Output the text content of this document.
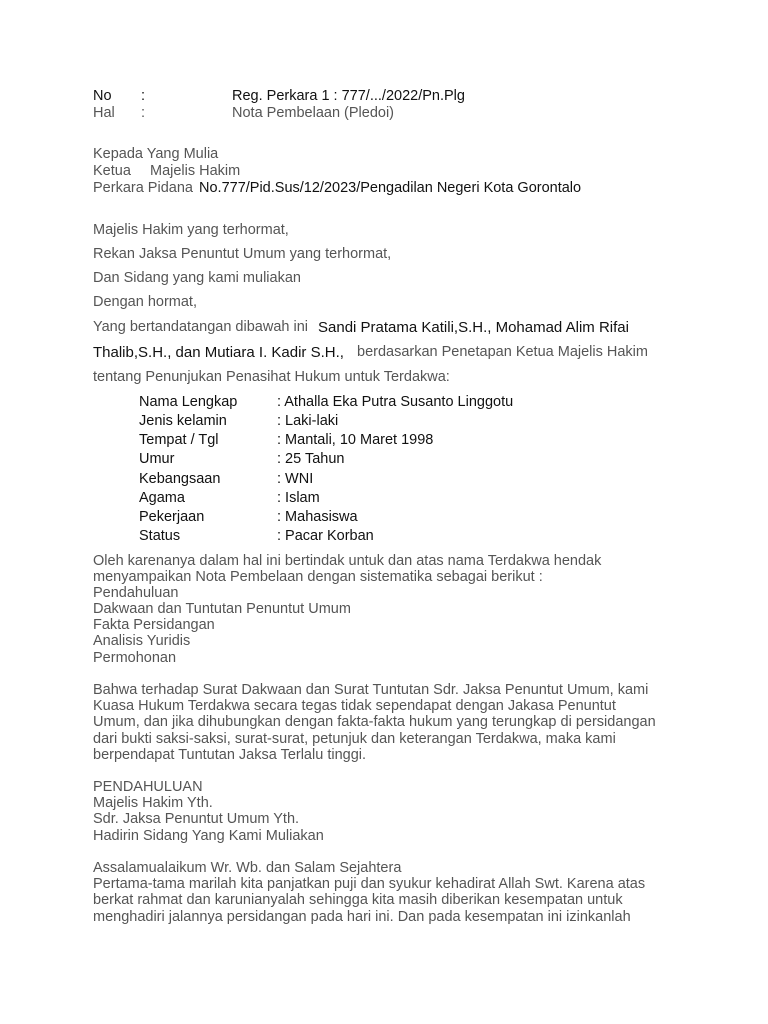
No :	Reg. Perkara 1 : 777/.../2022/Pn.Plg
Hal :	Nota Pembelaan (Pledoi)
Kepada Yang Mulia
Ketua Majelis Hakim
Perkara Pidana No.777/Pid.Sus/12/2023/Pengadilan Negeri Kota Gorontalo
Majelis Hakim yang terhormat,
Rekan Jaksa Penuntut Umum yang terhormat,
Dan Sidang yang kami muliakan
Dengan hormat,
Yang bertandatangan dibawah ini Sandi Pratama Katili,S.H., Mohamad Alim Rifai
Thalib,S.H., dan Mutiara I. Kadir S.H., berdasarkan Penetapan Ketua Majelis Hakim
tentang Penunjukan Penasihat Hukum untuk Terdakwa:
Nama Lengkap	: Athalla Eka Putra Susanto Linggotu
Jenis kelamin	: Laki-laki
Tempat / Tgl	: Mantali, 10 Maret 1998
Umur	: 25 Tahun
Kebangsaan	: WNI
Agama	: Islam
Pekerjaan	: Mahasiswa
Status	: Pacar Korban
Oleh karenanya dalam hal ini bertindak untuk dan atas nama Terdakwa hendak
menyampaikan Nota Pembelaan dengan sistematika sebagai berikut :
Pendahuluan
Dakwaan dan Tuntutan Penuntut Umum
Fakta Persidangan
Analisis Yuridis
Permohonan
Bahwa terhadap Surat Dakwaan dan Surat Tuntutan Sdr. Jaksa Penuntut Umum, kami
Kuasa Hukum Terdakwa secara tegas tidak sependapat dengan Jakasa Penuntut
Umum, dan jika dihubungkan dengan fakta-fakta hukum yang terungkap di persidangan
dari bukti saksi-saksi, surat-surat, petunjuk dan keterangan Terdakwa, maka kami
berpendapat Tuntutan Jaksa Terlalu tinggi.
PENDAHULUAN
Majelis Hakim Yth.
Sdr. Jaksa Penuntut Umum Yth.
Hadirin Sidang Yang Kami Muliakan
Assalamualaikum Wr. Wb. dan Salam Sejahtera
Pertama-tama marilah kita panjatkan puji dan syukur kehadirat Allah Swt. Karena atas
berkat rahmat dan karunianyalah sehingga kita masih diberikan kesempatan untuk
menghadiri jalannya persidangan pada hari ini. Dan pada kesempatan ini izinkanlah
